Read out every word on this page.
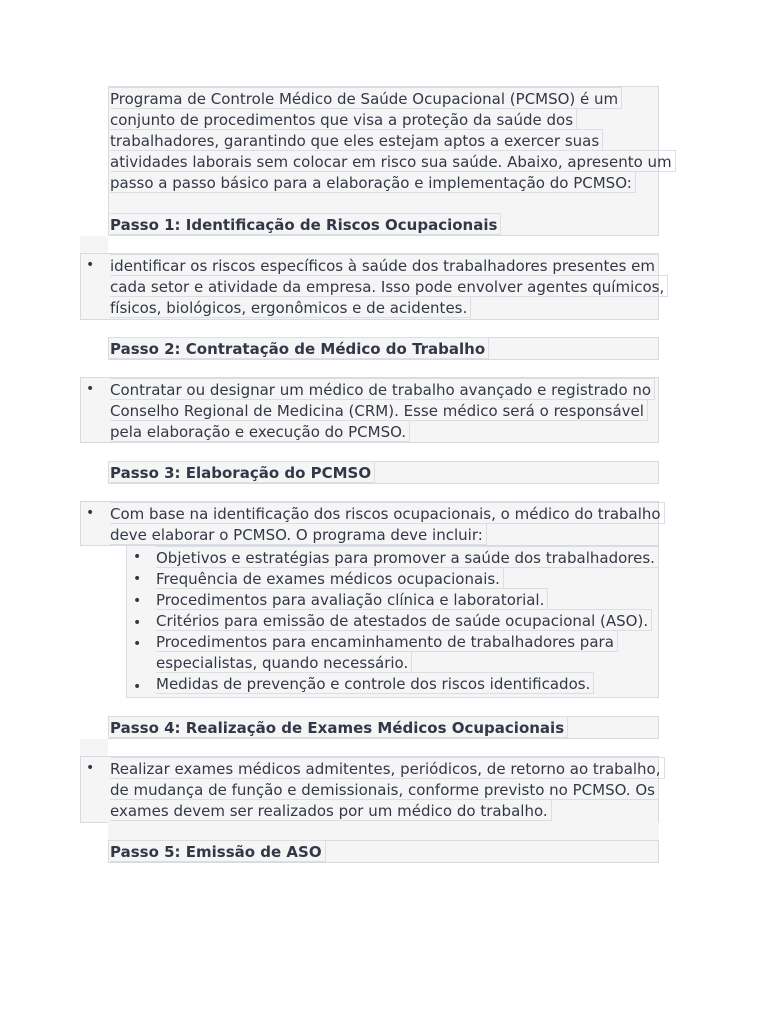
Programa de Controle Médico de Saúde Ocupacional (PCMSO) é um
conjunto de procedimentos que visa a proteção da saúde dos
trabalhadores, garantindo que eles estejam aptos a exercer suas
atividades laborais sem colocar em risco sua saúde. Abaixo, apresento um
passo a passo básico para a elaboração e implementação do PCMSO:
Passo 1: Identificação de Riscos Ocupacionais
• identificar os riscos específicos à saúde dos trabalhadores presentes em
cada setor e atividade da empresa. Isso pode envolver agentes químicos,
físicos, biológicos, ergonômicos e de acidentes.
Passo 2: Contratação de Médico do Trabalho
• Contratar ou designar um médico de trabalho avançado e registrado no
Conselho Regional de Medicina (CRM). Esse médico será o responsável
pela elaboração e execução do PCMSO.
Passo 3: Elaboração do PCMSO
• Com base na identificação dos riscos ocupacionais, o médico do trabalho
deve elaborar o PCMSO. O programa deve incluir:
•
•
•
•
•
•
Objetivos e estratégias para promover a saúde dos trabalhadores.
Frequência de exames médicos ocupacionais.
Procedimentos para avaliação clínica e laboratorial.
Critérios para emissão de atestados de saúde ocupacional (ASO).
Procedimentos para encaminhamento de trabalhadores para
especialistas, quando necessário.
Medidas de prevenção e controle dos riscos identificados.
Passo 4: Realização de Exames Médicos Ocupacionais
• Realizar exames médicos admitentes, periódicos, de retorno ao trabalho,
de mudança de função e demissionais, conforme previsto no PCMSO. Os
exames devem ser realizados por um médico do trabalho.
Passo 5: Emissão de ASO
